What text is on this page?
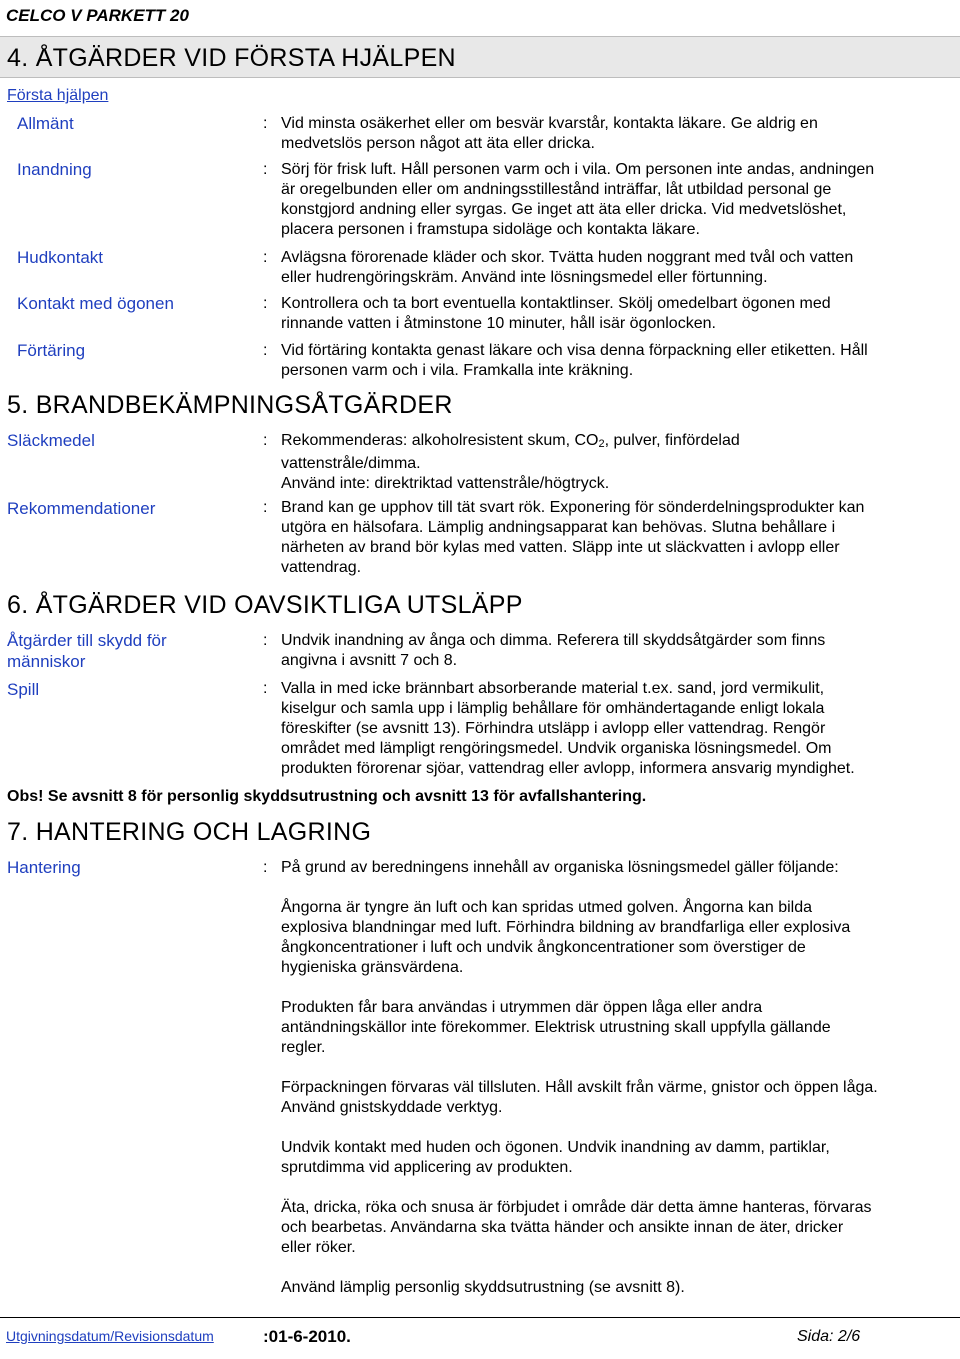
CELCO V PARKETT 20
4. ÅTGÄRDER VID FÖRSTA HJÄLPEN
Första hjälpen
Allmänt	: Vid minsta osäkerhet eller om besvär kvarstår, kontakta läkare. Ge aldrig en
medvetslös person något att äta eller dricka.
Inandning	: Sörj för frisk luft. Håll personen varm och i vila. Om personen inte andas, andningen
är oregelbunden eller om andningsstillestånd inträffar, låt utbildad personal ge
konstgjord andning eller syrgas. Ge inget att äta eller dricka. Vid medvetslöshet,
placera personen i framstupa sidoläge och kontakta läkare.
Hudkontakt	: Avlägsna förorenade kläder och skor. Tvätta huden noggrant med tvål och vatten
eller hudrengöringskräm. Använd inte lösningsmedel eller förtunning.
Kontakt med ögonen	: Kontrollera och ta bort eventuella kontaktlinser. Skölj omedelbart ögonen med
rinnande vatten i åtminstone 10 minuter, håll isär ögonlocken.
Förtäring	: Vid förtäring kontakta genast läkare och visa denna förpackning eller etiketten. Håll
personen varm och i vila. Framkalla inte kräkning.
5. BRANDBEKÄMPNINGSÅTGÄRDER
Släckmedel	: Rekommenderas: alkoholresistent skum, $CO_2$, pulver, finfördelad
vattenstråle/dimma.
Använd inte: direktriktad vattenstråle/högtryck.
Rekommendationer	: Brand kan ge upphov till tät svart rök. Exponering för sönderdelningsprodukter kan
utgöra en hälsofara. Lämplig andningsapparat kan behövas. Slutna behållare i
närheten av brand bör kylas med vatten. Släpp inte ut släckvatten i avlopp eller
vattendrag.
6. ÅTGÄRDER VID OAVSIKTLIGA UTSLÄPP
Åtgärder till skydd för
människor
: Undvik inandning av ånga och dimma. Referera till skyddsåtgärder som finns
angivna i avsnitt 7 och 8.
Spill	: Valla in med icke brännbart absorberande material t.ex. sand, jord vermikulit,
kiselgur och samla upp i lämplig behållare för omhändertagande enligt lokala
föreskifter (se avsnitt 13). Förhindra utsläpp i avlopp eller vattendrag. Rengör
området med lämpligt rengöringsmedel. Undvik organiska lösningsmedel. Om
produkten förorenar sjöar, vattendrag eller avlopp, informera ansvarig myndighet.
Obs! Se avsnitt 8 för personlig skyddsutrustning och avsnitt 13 för avfallshantering.
7. HANTERING OCH LAGRING
Hantering	: På grund av beredningens innehåll av organiska lösningsmedel gäller följande:
Ångorna är tyngre än luft och kan spridas utmed golven. Ångorna kan bilda
explosiva blandningar med luft. Förhindra bildning av brandfarliga eller explosiva
ångkoncentrationer i luft och undvik ångkoncentrationer som överstiger de
hygieniska gränsvärdena.
Produkten får bara användas i utrymmen där öppen låga eller andra
antändningskällor inte förekommer. Elektrisk utrustning skall uppfylla gällande
regler.
Förpackningen förvaras väl tillsluten. Håll avskilt från värme, gnistor och öppen låga.
Använd gnistskyddade verktyg.
Undvik kontakt med huden och ögonen. Undvik inandning av damm, partiklar,
sprutdimma vid applicering av produkten.
Äta, dricka, röka och snusa är förbjudet i område där detta ämne hanteras, förvaras
och bearbetas. Användarna ska tvätta händer och ansikte innan de äter, dricker
eller röker.
Använd lämplig personlig skyddsutrustning (se avsnitt 8).
Utgivningsdatum/Revisionsdatum	:01-6-2010.	Sida: 2/6
